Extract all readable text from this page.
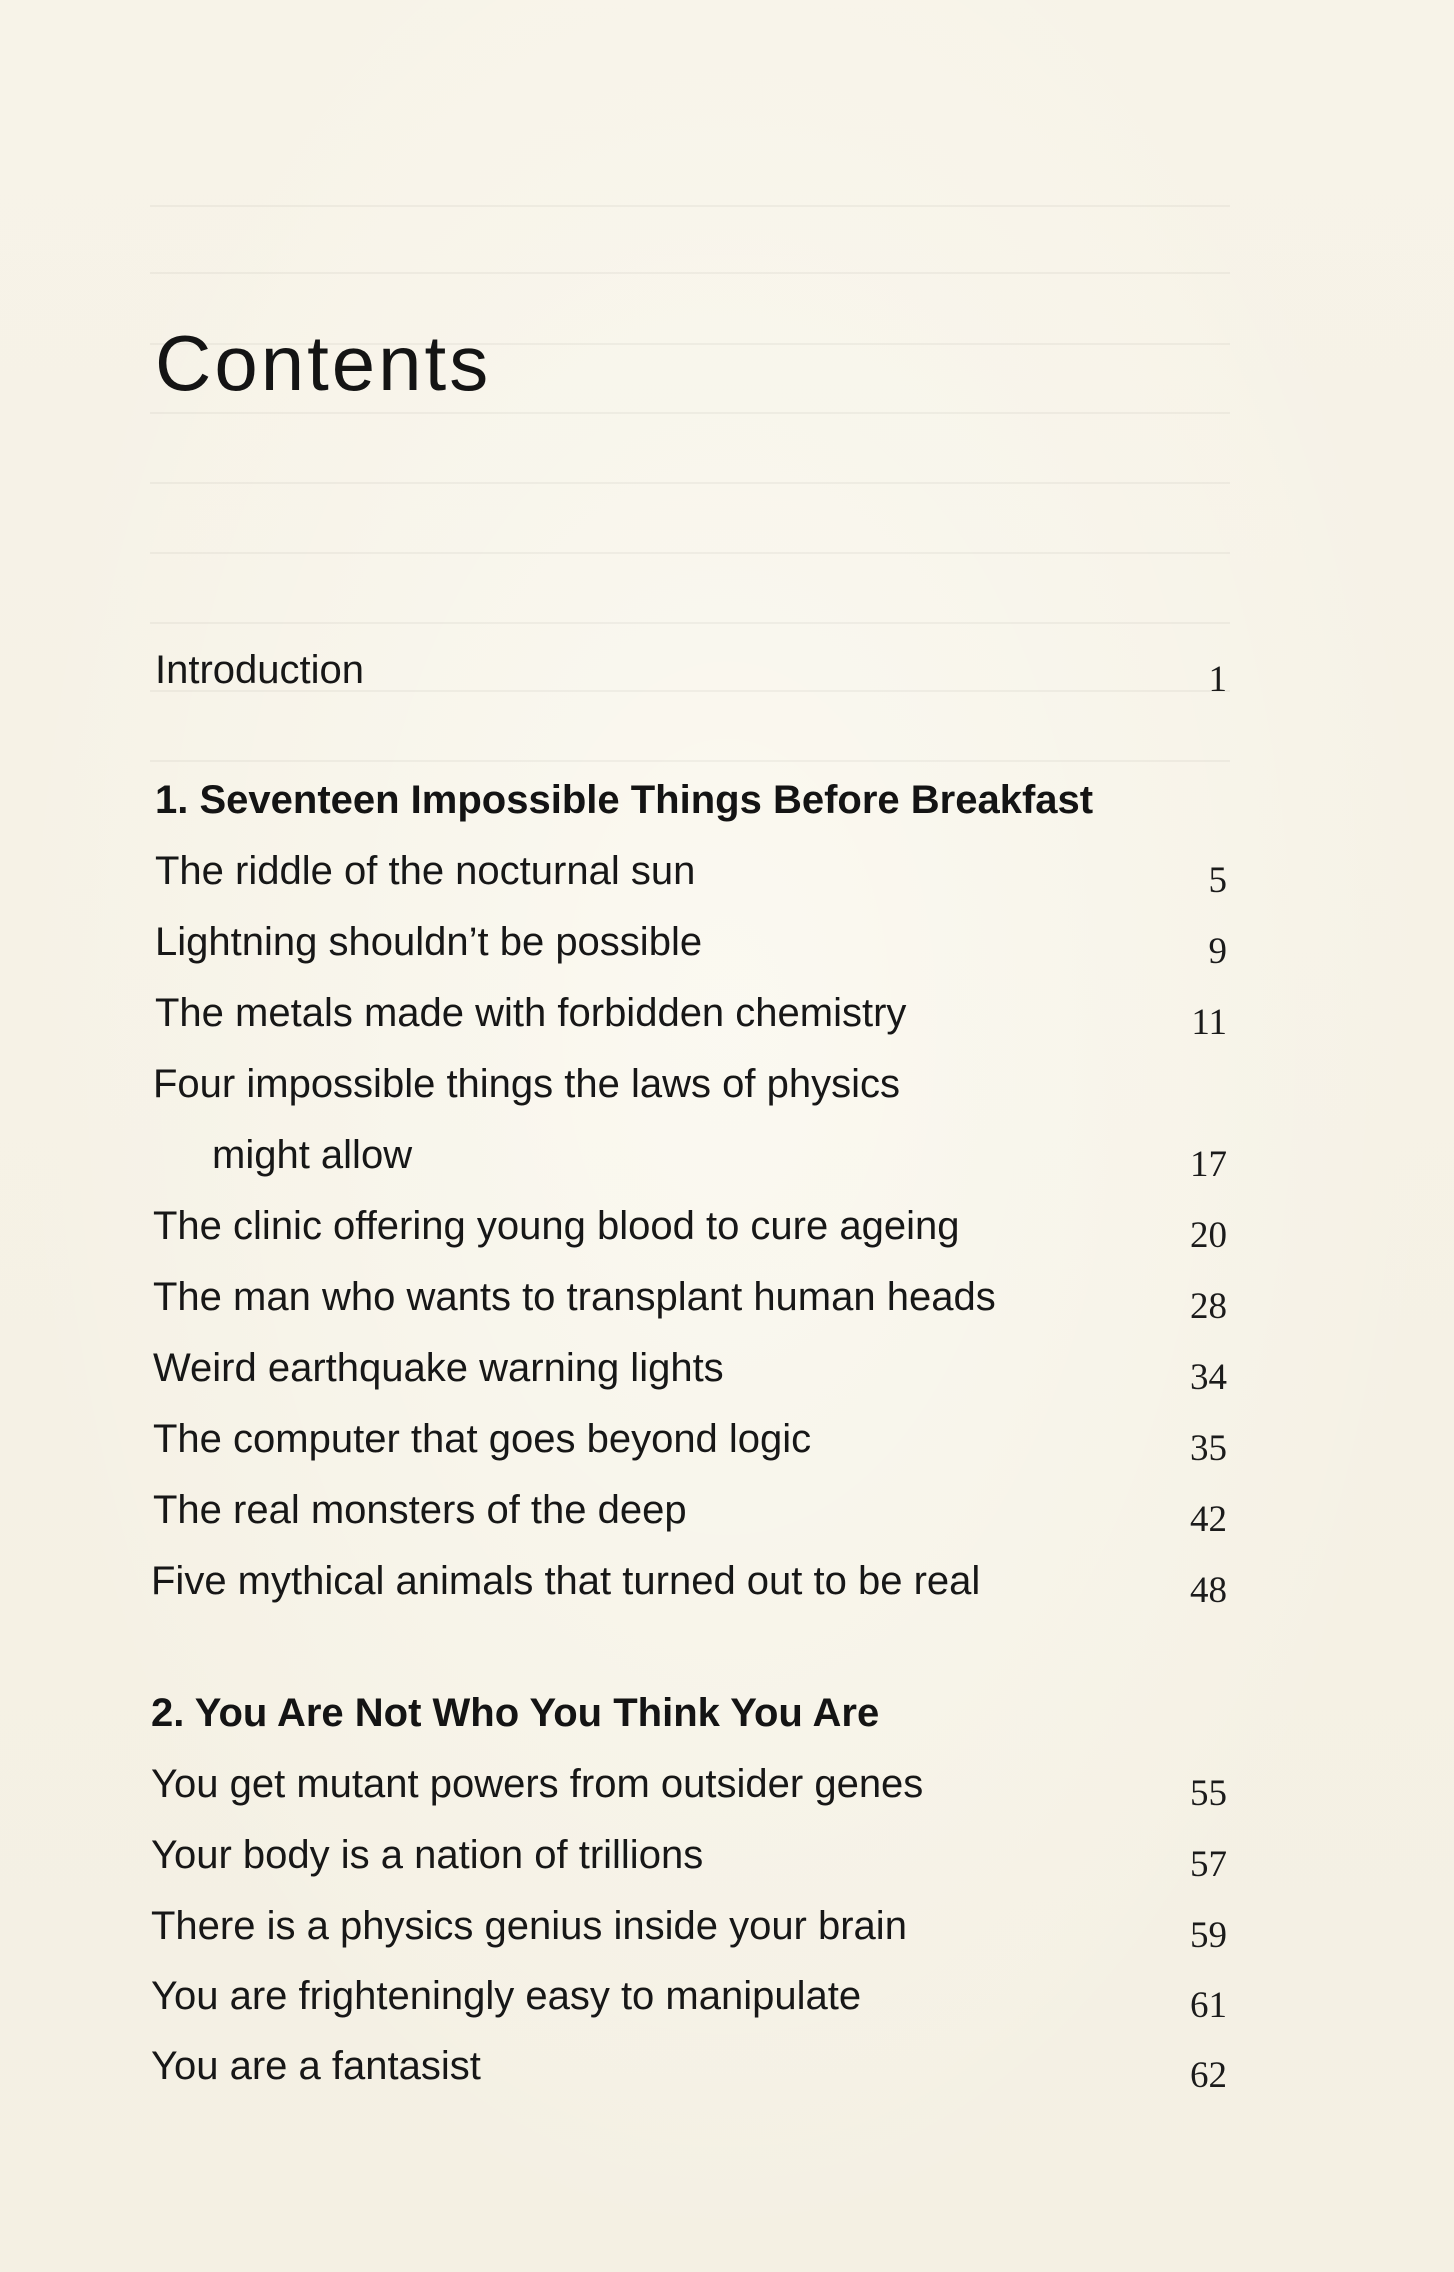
Contents
Introduction	1
1. Seventeen Impossible Things Before Breakfast
The riddle of the nocturnal sun	5
Lightning shouldn’t be possible	9
The metals made with forbidden chemistry	11
Four impossible things the laws of physics
might allow	17
The clinic offering young blood to cure ageing	20
The man who wants to transplant human heads	28
Weird earthquake warning lights	34
The computer that goes beyond logic	35
The real monsters of the deep	42
Five mythical animals that turned out to be real	48
2. You Are Not Who You Think You Are
You get mutant powers from outsider genes	55
Your body is a nation of trillions	57
There is a physics genius inside your brain	59
You are frighteningly easy to manipulate	61
You are a fantasist	62
